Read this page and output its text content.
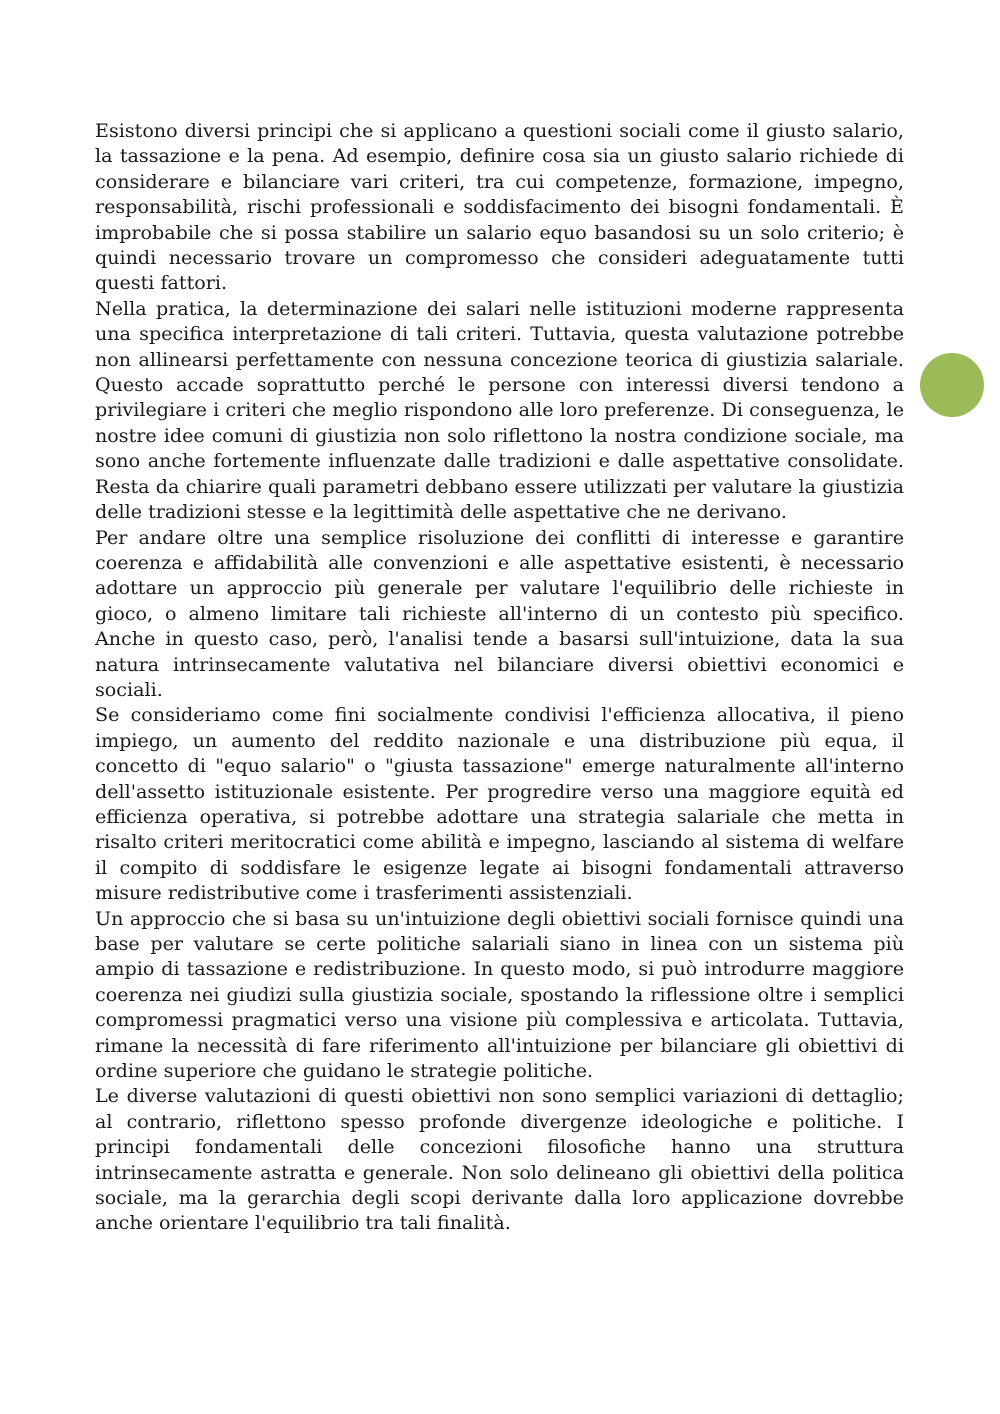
Esistono diversi principi che si applicano a questioni sociali come il giusto salario, la tassazione e la pena. Ad esempio, definire cosa sia un giusto salario richiede di considerare e bilanciare vari criteri, tra cui competenze, formazione, impegno, responsabilità, rischi professionali e soddisfacimento dei bisogni fondamentali. È improbabile che si possa stabilire un salario equo basandosi su un solo criterio; è quindi necessario trovare un compromesso che consideri adeguatamente tutti questi fattori.

Nella pratica, la determinazione dei salari nelle istituzioni moderne rappresenta una specifica interpretazione di tali criteri. Tuttavia, questa valutazione potrebbe non allinearsi perfettamente con nessuna concezione teorica di giustizia salariale. Questo accade soprattutto perché le persone con interessi diversi tendono a privilegiare i criteri che meglio rispondono alle loro preferenze. Di conseguenza, le nostre idee comuni di giustizia non solo riflettono la nostra condizione sociale, ma sono anche fortemente influenzate dalle tradizioni e dalle aspettative consolidate. Resta da chiarire quali parametri debbano essere utilizzati per valutare la giustizia delle tradizioni stesse e la legittimità delle aspettative che ne derivano.

Per andare oltre una semplice risoluzione dei conflitti di interesse e garantire coerenza e affidabilità alle convenzioni e alle aspettative esistenti, è necessario adottare un approccio più generale per valutare l'equilibrio delle richieste in gioco, o almeno limitare tali richieste all'interno di un contesto più specifico. Anche in questo caso, però, l'analisi tende a basarsi sull'intuizione, data la sua natura intrinsecamente valutativa nel bilanciare diversi obiettivi economici e sociali.

Se consideriamo come fini socialmente condivisi l'efficienza allocativa, il pieno impiego, un aumento del reddito nazionale e una distribuzione più equa, il concetto di "equo salario" o "giusta tassazione" emerge naturalmente all'interno dell'assetto istituzionale esistente. Per progredire verso una maggiore equità ed efficienza operativa, si potrebbe adottare una strategia salariale che metta in risalto criteri meritocratici come abilità e impegno, lasciando al sistema di welfare il compito di soddisfare le esigenze legate ai bisogni fondamentali attraverso misure redistributive come i trasferimenti assistenziali.

Un approccio che si basa su un'intuizione degli obiettivi sociali fornisce quindi una base per valutare se certe politiche salariali siano in linea con un sistema più ampio di tassazione e redistribuzione. In questo modo, si può introdurre maggiore coerenza nei giudizi sulla giustizia sociale, spostando la riflessione oltre i semplici compromessi pragmatici verso una visione più complessiva e articolata. Tuttavia, rimane la necessità di fare riferimento all'intuizione per bilanciare gli obiettivi di ordine superiore che guidano le strategie politiche.

Le diverse valutazioni di questi obiettivi non sono semplici variazioni di dettaglio; al contrario, riflettono spesso profonde divergenze ideologiche e politiche. I principi fondamentali delle concezioni filosofiche hanno una struttura intrinsecamente astratta e generale. Non solo delineano gli obiettivi della politica sociale, ma la gerarchia degli scopi derivante dalla loro applicazione dovrebbe anche orientare l'equilibrio tra tali finalità.
